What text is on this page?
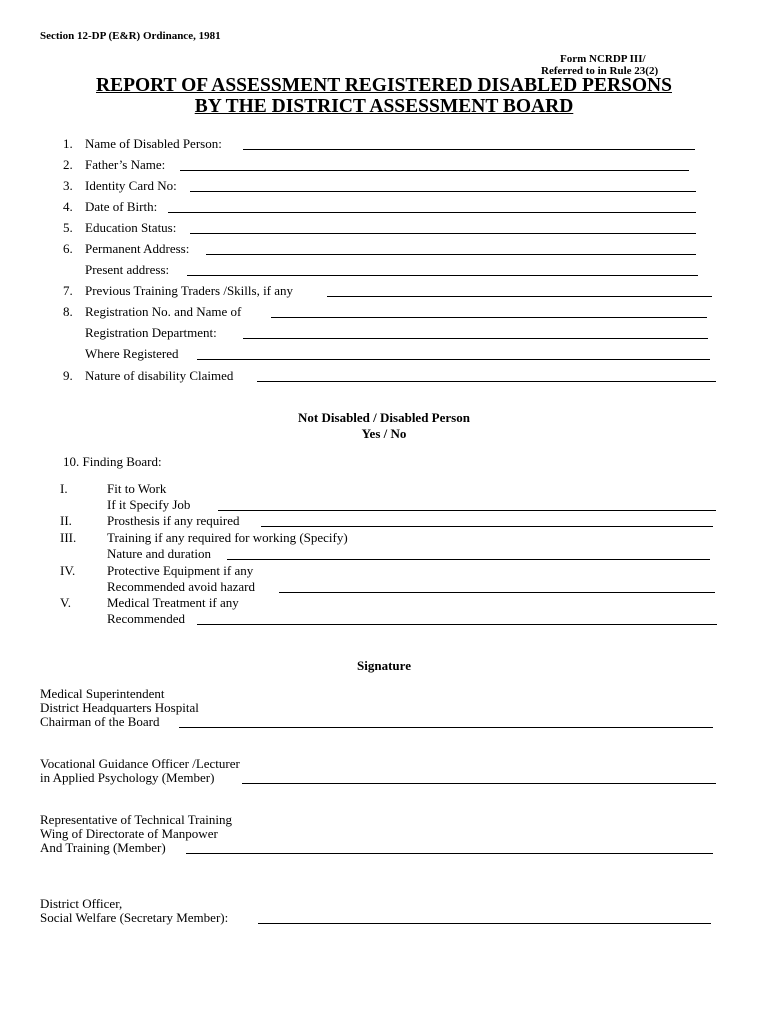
Section 12-DP (E&R) Ordinance, 1981
Form NCRDP III/
Referred to in Rule 23(2)
REPORT OF ASSESSMENT REGISTERED DISABLED PERSONS
BY THE DISTRICT ASSESSMENT BOARD
1. Name of Disabled Person:
2. Father’s Name:
3. Identity Card No:
4. Date of Birth:
5. Education Status:
6. Permanent Address:
Present address:
7. Previous Training Traders /Skills, if any
8. Registration No. and Name of
Registration Department:
Where Registered
9. Nature of disability Claimed
Not Disabled / Disabled Person
Yes / No
10. Finding Board:
I.	Fit to Work
If it Specify Job
II.	Prosthesis if any required
III. Training if any required for working (Specify)
Nature and duration
IV. Protective Equipment if any
Recommended avoid hazard
V.	Medical Treatment if any
Recommended
Signature
Medical Superintendent
District Headquarters Hospital
Chairman of the Board
Vocational Guidance Officer /Lecturer
in Applied Psychology (Member)
Representative of Technical Training
Wing of Directorate of Manpower
And Training (Member)
District Officer,
Social Welfare (Secretary Member):
